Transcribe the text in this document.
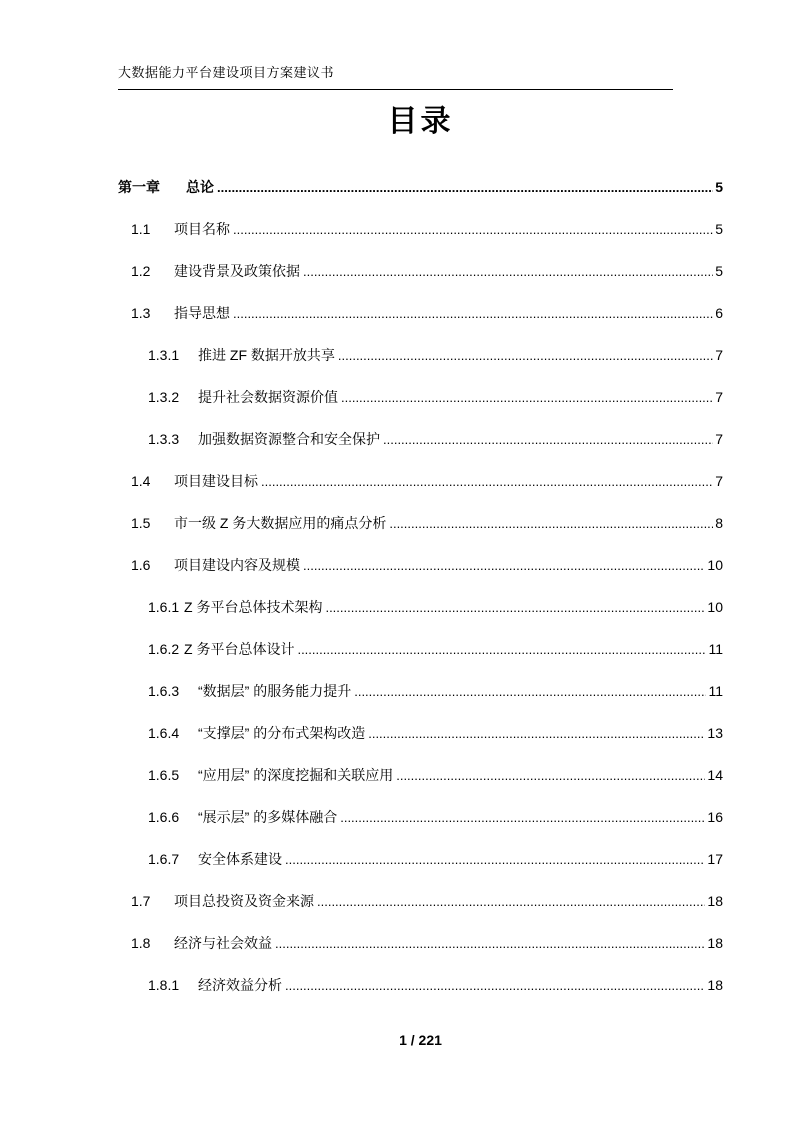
大数据能力平台建设项目方案建议书
目录
第一章	总论 .....	5
1.1	项目名称 .....	5
1.2	建设背景及政策依据 .....	5
1.3	指导思想 .....	6
1.3.1	推进 ZF 数据开放共享 .....	7
1.3.2	提升社会数据资源价值 .....	7
1.3.3	加强数据资源整合和安全保护 .....	7
1.4	项目建设目标 .....	7
1.5	市一级 Z 务大数据应用的痛点分析 .....	8
1.6	项目建设内容及规模 .....	10
1.6.1 Z 务平台总体技术架构 .....	10
1.6.2 Z 务平台总体设计 .....	11
1.6.3	“数据层” 的服务能力提升 .....	11
1.6.4	“支撑层” 的分布式架构改造 .....	13
1.6.5	“应用层” 的深度挖掘和关联应用 .....	14
1.6.6	“展示层” 的多媒体融合 .....	16
1.6.7	安全体系建设 .....	17
1.7	项目总投资及资金来源 .....	18
1.8	经济与社会效益 .....	18
1.8.1	经济效益分析 .....	18
1 / 221
